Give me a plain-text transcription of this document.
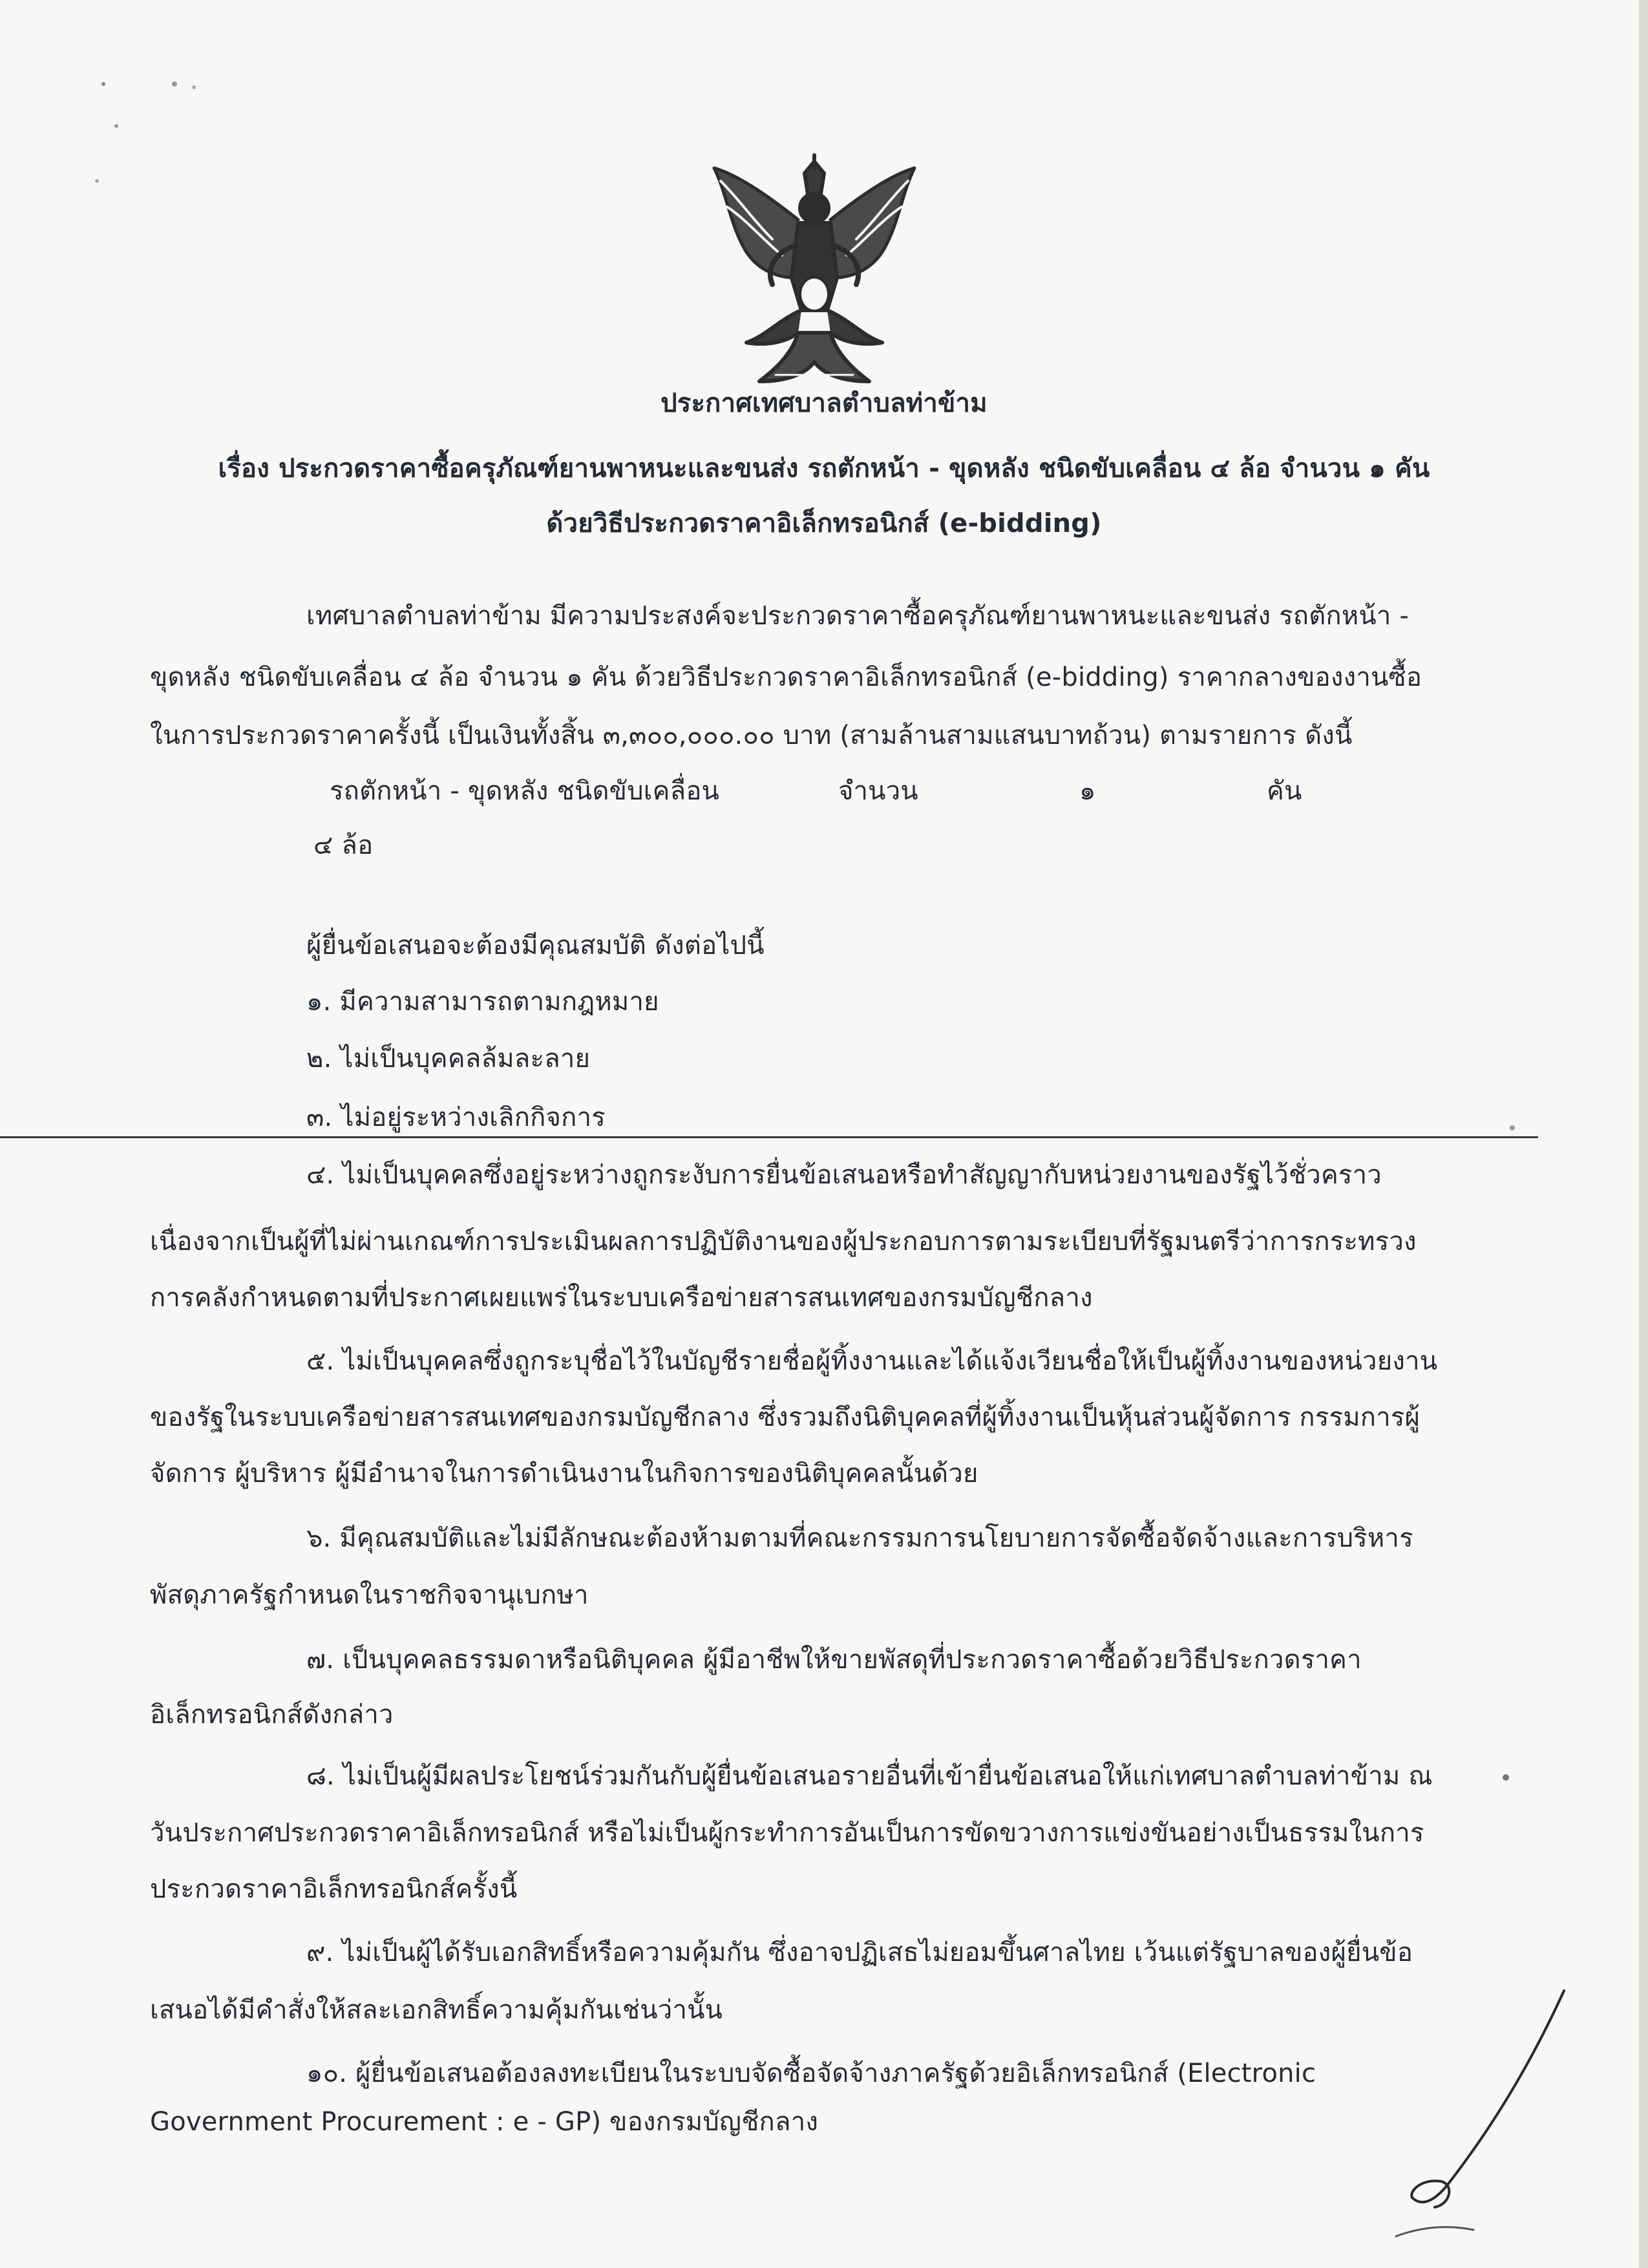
ประกาศเทศบาลตำบลท่าข้าม
เรื่อง ประกวดราคาซื้อครุภัณฑ์ยานพาหนะและขนส่ง รถตักหน้า - ขุดหลัง ชนิดขับเคลื่อน ๔ ล้อ จำนวน ๑ คัน
ด้วยวิธีประกวดราคาอิเล็กทรอนิกส์ (e-bidding)
เทศบาลตำบลท่าข้าม มีความประสงค์จะประกวดราคาซื้อครุภัณฑ์ยานพาหนะและขนส่ง รถตักหน้า -
ขุดหลัง ชนิดขับเคลื่อน ๔ ล้อ จำนวน ๑ คัน ด้วยวิธีประกวดราคาอิเล็กทรอนิกส์ (e-bidding) ราคากลางของงานซื้อ
ในการประกวดราคาครั้งนี้ เป็นเงินทั้งสิ้น ๓,๓๐๐,๐๐๐.๐๐ บาท (สามล้านสามแสนบาทถ้วน) ตามรายการ ดังนี้
รถตักหน้า - ขุดหลัง ชนิดขับเคลื่อน
๔ ล้อ
จำนวน	๑	คัน
ผู้ยื่นข้อเสนอจะต้องมีคุณสมบัติ ดังต่อไปนี้
๑. มีความสามารถตามกฎหมาย
๒. ไม่เป็นบุคคลล้มละลาย
๓. ไม่อยู่ระหว่างเลิกกิจการ
๔. ไม่เป็นบุคคลซึ่งอยู่ระหว่างถูกระงับการยื่นข้อเสนอหรือทำสัญญากับหน่วยงานของรัฐไว้ชั่วคราว
เนื่องจากเป็นผู้ที่ไม่ผ่านเกณฑ์การประเมินผลการปฏิบัติงานของผู้ประกอบการตามระเบียบที่รัฐมนตรีว่าการกระทรวง
การคลังกำหนดตามที่ประกาศเผยแพร่ในระบบเครือข่ายสารสนเทศของกรมบัญชีกลาง
๕. ไม่เป็นบุคคลซึ่งถูกระบุชื่อไว้ในบัญชีรายชื่อผู้ทิ้งงานและได้แจ้งเวียนชื่อให้เป็นผู้ทิ้งงานของหน่วยงาน
ของรัฐในระบบเครือข่ายสารสนเทศของกรมบัญชีกลาง ซึ่งรวมถึงนิติบุคคลที่ผู้ทิ้งงานเป็นหุ้นส่วนผู้จัดการ กรรมการผู้
จัดการ ผู้บริหาร ผู้มีอำนาจในการดำเนินงานในกิจการของนิติบุคคลนั้นด้วย
๖. มีคุณสมบัติและไม่มีลักษณะต้องห้ามตามที่คณะกรรมการนโยบายการจัดซื้อจัดจ้างและการบริหาร
พัสดุภาครัฐกำหนดในราชกิจจานุเบกษา
๗. เป็นบุคคลธรรมดาหรือนิติบุคคล ผู้มีอาชีพให้ขายพัสดุที่ประกวดราคาซื้อด้วยวิธีประกวดราคา
อิเล็กทรอนิกส์ดังกล่าว
๘. ไม่เป็นผู้มีผลประโยชน์ร่วมกันกับผู้ยื่นข้อเสนอรายอื่นที่เข้ายื่นข้อเสนอให้แก่เทศบาลตำบลท่าข้าม ณ
วันประกาศประกวดราคาอิเล็กทรอนิกส์ หรือไม่เป็นผู้กระทำการอันเป็นการขัดขวางการแข่งขันอย่างเป็นธรรมในการ
ประกวดราคาอิเล็กทรอนิกส์ครั้งนี้
๙. ไม่เป็นผู้ได้รับเอกสิทธิ์หรือความคุ้มกัน ซึ่งอาจปฏิเสธไม่ยอมขึ้นศาลไทย เว้นแต่รัฐบาลของผู้ยื่นข้อ
เสนอได้มีคำสั่งให้สละเอกสิทธิ์ความคุ้มกันเช่นว่านั้น
๑๐. ผู้ยื่นข้อเสนอต้องลงทะเบียนในระบบจัดซื้อจัดจ้างภาครัฐด้วยอิเล็กทรอนิกส์ (Electronic
Government Procurement : e - GP) ของกรมบัญชีกลาง
